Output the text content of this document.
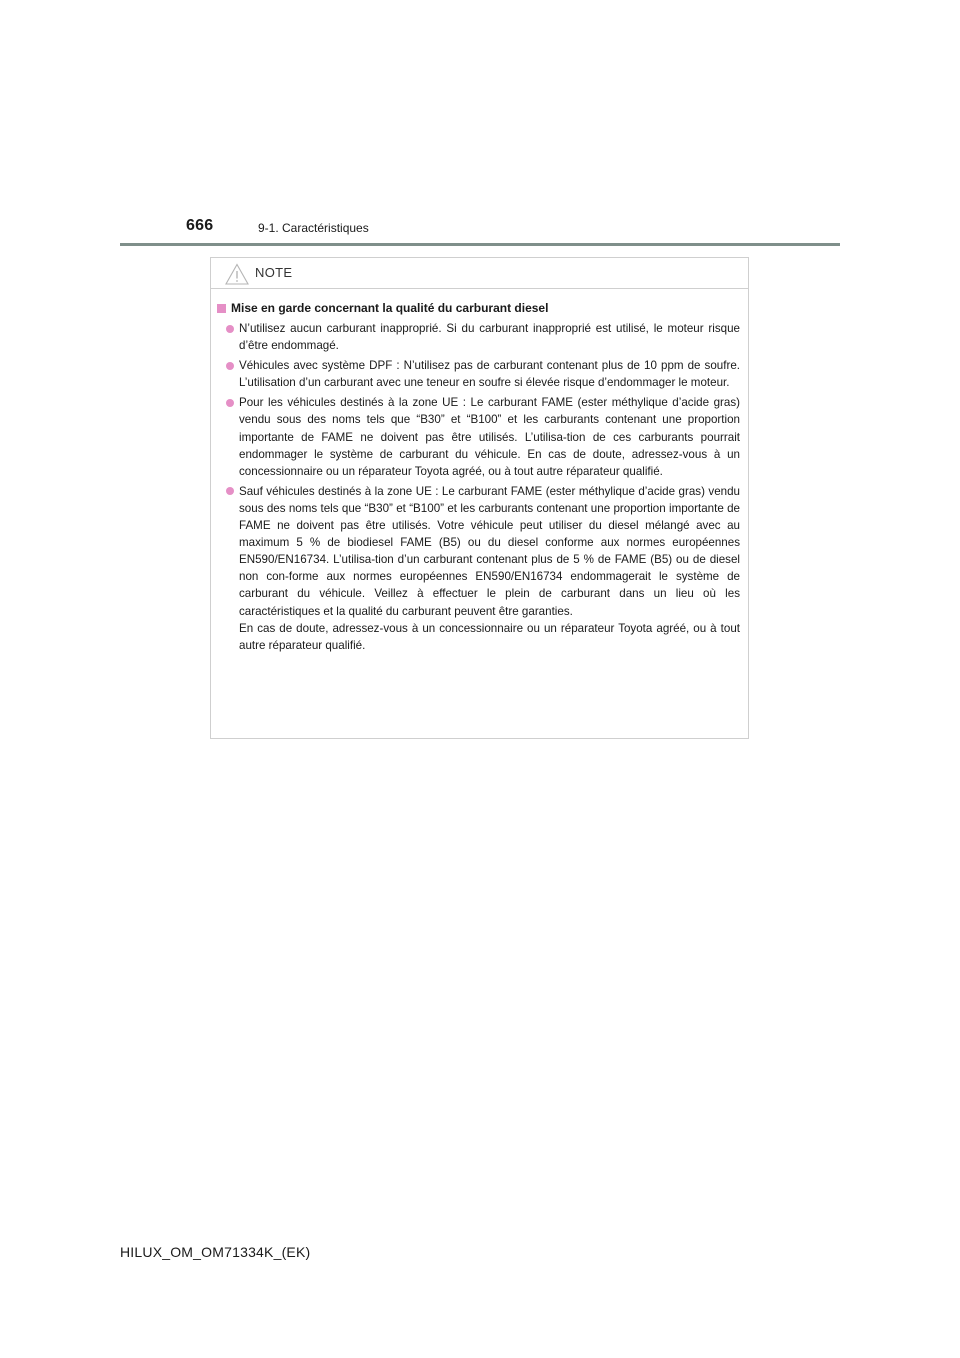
666	9-1. Caractéristiques
NOTE
Mise en garde concernant la qualité du carburant diesel

N’utilisez aucun carburant inapproprié. Si du carburant inapproprié est utilisé, le moteur risque d’être endommagé.

Véhicules avec système DPF : N’utilisez pas de carburant contenant plus de 10 ppm de soufre. L’utilisation d’un carburant avec une teneur en soufre si élevée risque d’endommager le moteur.

Pour les véhicules destinés à la zone UE : Le carburant FAME (ester méthylique d’acide gras) vendu sous des noms tels que “B30” et “B100” et les carburants contenant une proportion importante de FAME ne doivent pas être utilisés. L’utilisa-tion de ces carburants pourrait endommager le système de carburant du véhicule. En cas de doute, adressez-vous à un concessionnaire ou un réparateur Toyota agréé, ou à tout autre réparateur qualifié.

Sauf véhicules destinés à la zone UE : Le carburant FAME (ester méthylique d’acide gras) vendu sous des noms tels que “B30” et “B100” et les carburants contenant une proportion importante de FAME ne doivent pas être utilisés. Votre véhicule peut utiliser du diesel mélangé avec au maximum 5 % de biodiesel FAME (B5) ou du diesel conforme aux normes européennes EN590/EN16734. L’utilisa-tion d’un carburant contenant plus de 5 % de FAME (B5) ou de diesel non con-forme aux normes européennes EN590/EN16734 endommagerait le système de carburant du véhicule. Veillez à effectuer le plein de carburant dans un lieu où les caractéristiques et la qualité du carburant peuvent être garanties.

En cas de doute, adressez-vous à un concessionnaire ou un réparateur Toyota agréé, ou à tout autre réparateur qualifié.

HILUX_OM_OM71334K_(EK)
